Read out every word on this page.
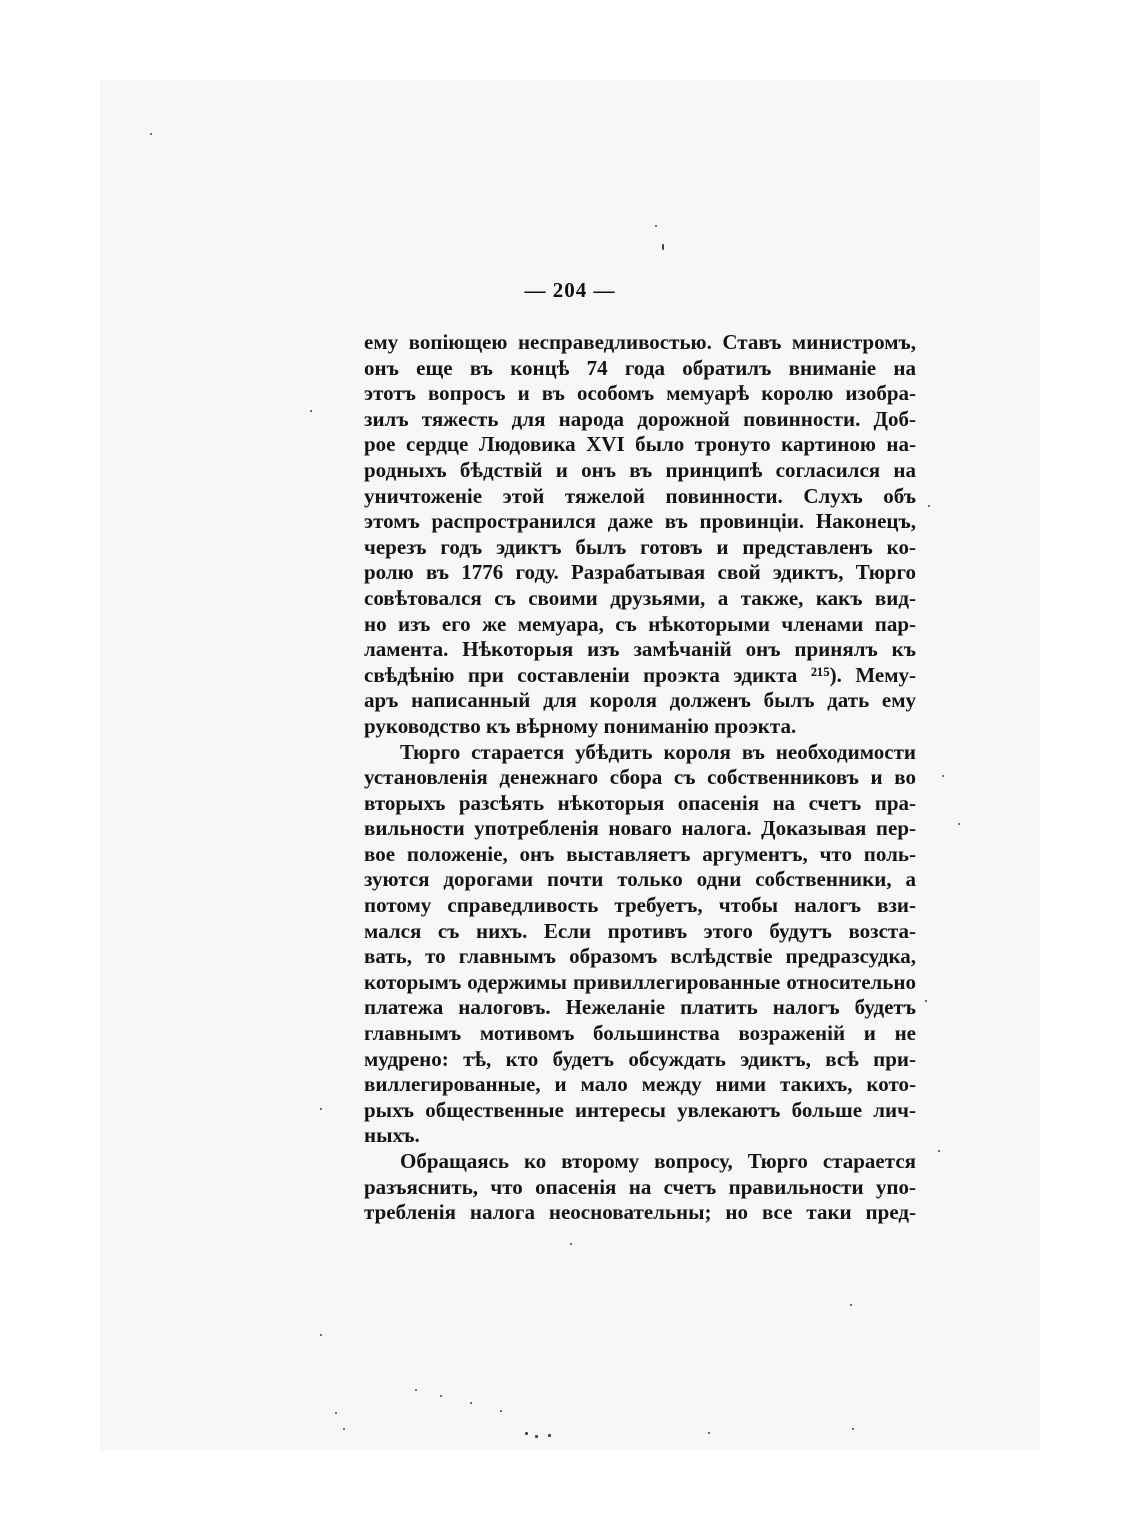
— 204 —
ему вопіющею несправедливостью. Ставъ министромъ,
онъ еще въ концѣ 74 года обратилъ вниманіе на
этотъ вопросъ и въ особомъ мемуарѣ королю изобра-
зилъ тяжесть для народа дорожной повинности. Доб-
рое сердце Людовика XVI было тронуто картиною на-
родныхъ бѣдствій и онъ въ принципѣ согласился на
уничтоженіе этой тяжелой повинности. Слухъ объ
этомъ распространился даже въ провинціи. Наконецъ,
черезъ годъ эдиктъ былъ готовъ и представленъ ко-
ролю въ 1776 году. Разрабатывая свой эдиктъ, Тюрго
совѣтовался съ своими друзьями, а также, какъ вид-
но изъ его же мемуара, съ нѣкоторыми членами пар-
ламента. Нѣкоторыя изъ замѣчаній онъ принялъ къ
свѣдѣнію при составленіи проэкта эдикта ²¹⁵). Мему-
аръ написанный для короля долженъ былъ дать ему
руководство къ вѣрному пониманію проэкта.
Тюрго старается убѣдить короля въ необходимости
установленія денежнаго сбора съ собственниковъ и во
вторыхъ разсѣять нѣкоторыя опасенія на счетъ пра-
вильности употребленія новаго налога. Доказывая пер-
вое положеніе, онъ выставляетъ аргументъ, что поль-
зуются дорогами почти только одни собственники, а
потому справедливость требуетъ, чтобы налогъ взи-
мался съ нихъ. Если противъ этого будутъ возста-
вать, то главнымъ образомъ вслѣдствіе предразсудка,
которымъ одержимы привиллегированные относительно
платежа налоговъ. Нежеланіе платить налогъ будетъ
главнымъ мотивомъ большинства возраженій и не
мудрено: тѣ, кто будетъ обсуждать эдиктъ, всѣ при-
виллегированные, и мало между ними такихъ, кото-
рыхъ общественные интересы увлекаютъ больше лич-
ныхъ.
Обращаясь ко второму вопросу, Тюрго старается
разъяснить, что опасенія на счетъ правильности упо-
требленія налога неосновательны; но все таки пред-
